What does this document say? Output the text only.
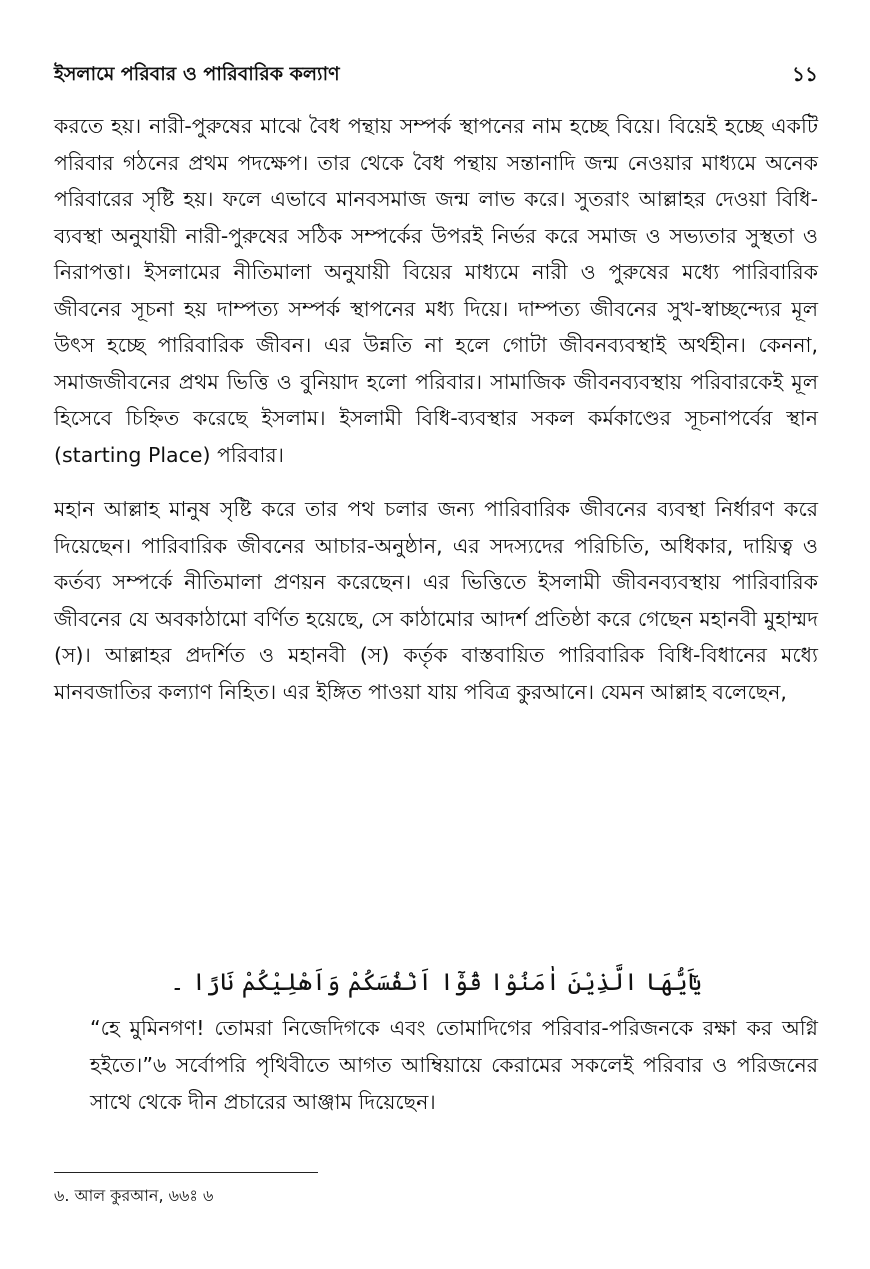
ইসলামে পরিবার ও পারিবারিক কল্যাণ	১১

করতে হয়। নারী-পুরুষের মাঝে বৈধ পন্থায় সম্পর্ক স্থাপনের নাম হচ্ছে বিয়ে। বিয়েই হচ্ছে একটি পরিবার গঠনের প্রথম পদক্ষেপ। তার থেকে বৈধ পন্থায় সন্তানাদি জন্ম নেওয়ার মাধ্যমে অনেক পরিবারের সৃষ্টি হয়। ফলে এভাবে মানবসমাজ জন্ম লাভ করে। সুতরাং আল্লাহর দেওয়া বিধি-ব্যবস্থা অনুযায়ী নারী-পুরুষের সঠিক সম্পর্কের উপরই নির্ভর করে সমাজ ও সভ্যতার সুস্থতা ও নিরাপত্তা। ইসলামের নীতিমালা অনুযায়ী বিয়ের মাধ্যমে নারী ও পুরুষের মধ্যে পারিবারিক জীবনের সূচনা হয় দাম্পত্য সম্পর্ক স্থাপনের মধ্য দিয়ে। দাম্পত্য জীবনের সুখ-স্বাচ্ছন্দ্যের মূল উৎস হচ্ছে পারিবারিক জীবন। এর উন্নতি না হলে গোটা জীবনব্যবস্থাই অর্থহীন। কেননা, সমাজজীবনের প্রথম ভিত্তি ও বুনিয়াদ হলো পরিবার। সামাজিক জীবনব্যবস্থায় পরিবারকেই মূল হিসেবে চিহ্নিত করেছে ইসলাম। ইসলামী বিধি-ব্যবস্থার সকল কর্মকাণ্ডের সূচনাপর্বের স্থান (starting Place) পরিবার।

মহান আল্লাহ মানুষ সৃষ্টি করে তার পথ চলার জন্য পারিবারিক জীবনের ব্যবস্থা নির্ধারণ করে দিয়েছেন। পারিবারিক জীবনের আচার-অনুষ্ঠান, এর সদস্যদের পরিচিতি, অধিকার, দায়িত্ব ও কর্তব্য সম্পর্কে নীতিমালা প্রণয়ন করেছেন। এর ভিত্তিতে ইসলামী জীবনব্যবস্থায় পারিবারিক জীবনের যে অবকাঠামো বর্ণিত হয়েছে, সে কাঠামোর আদর্শ প্রতিষ্ঠা করে গেছেন মহানবী মুহাম্মদ (স)। আল্লাহর প্রদর্শিত ও মহানবী (স) কর্তৃক বাস্তবায়িত পারিবারিক বিধি-বিধানের মধ্যে মানবজাতির কল্যাণ নিহিত। এর ইঙ্গিত পাওয়া যায় পবিত্র কুরআনে। যেমন আল্লাহ বলেছেন,

يٰٓاَيُّهَا الَّذِيْنَ اٰمَنُوْا قُوْٓا اَنْفُسَكُمْ وَاَهْلِيْكُمْ نَارًا ۔

“হে মুমিনগণ! তোমরা নিজেদিগকে এবং তোমাদিগের পরিবার-পরিজনকে রক্ষা কর অগ্নি হইতে।”৬ সর্বোপরি পৃথিবীতে আগত আম্বিয়ায়ে কেরামের সকলেই পরিবার ও পরিজনের সাথে থেকে দীন প্রচারের আঞ্জাম দিয়েছেন।

৬. আল কুরআন, ৬৬ঃ ৬
